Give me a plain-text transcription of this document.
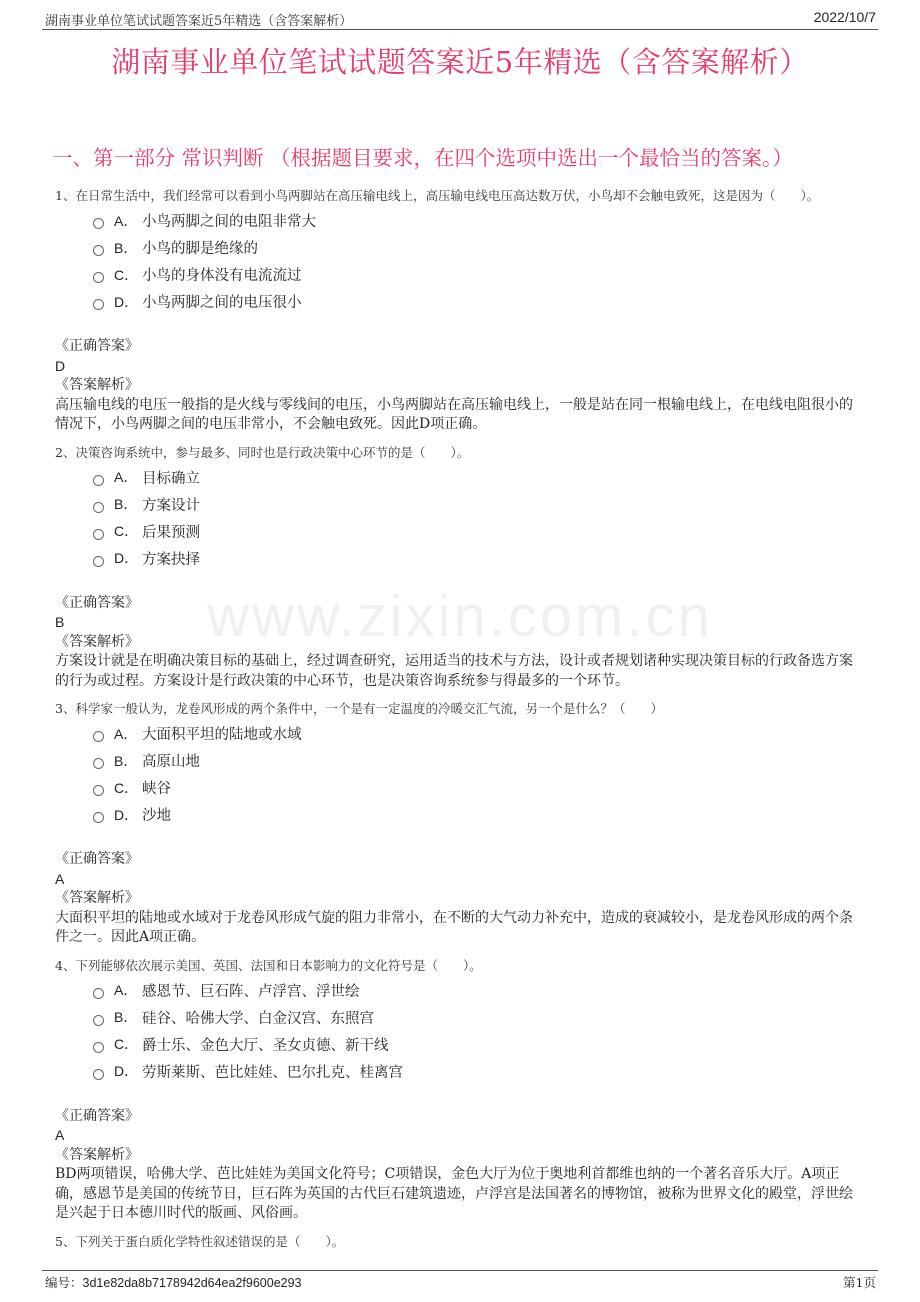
湖南事业单位笔试试题答案近5年精选（含答案解析）	2022/10/7
湖南事业单位笔试试题答案近5年精选（含答案解析）
www.zixin.com.cn
一、第一部分 常识判断 （根据题目要求，在四个选项中选出一个最恰当的答案。）
1、在日常生活中，我们经常可以看到小鸟两脚站在高压输电线上，高压输电线电压高达数万伏，小鸟却不会触电致死，这是因为（　　）。
A． 小鸟两脚之间的电阻非常大
B． 小鸟的脚是绝缘的
C． 小鸟的身体没有电流流过
D． 小鸟两脚之间的电压很小
《正确答案》
D
《答案解析》
高压输电线的电压一般指的是火线与零线间的电压，小鸟两脚站在高压输电线上，一般是站在同一根输电线上，在电线电阻很小的情况下，小鸟两脚之间的电压非常小，不会触电致死。因此D项正确。
2、决策咨询系统中，参与最多、同时也是行政决策中心环节的是（　　）。
A． 目标确立
B． 方案设计
C． 后果预测
D． 方案抉择
《正确答案》
B
《答案解析》
方案设计就是在明确决策目标的基础上，经过调查研究，运用适当的技术与方法，设计或者规划诸种实现决策目标的行政备选方案的行为或过程。方案设计是行政决策的中心环节，也是决策咨询系统参与得最多的一个环节。
3、科学家一般认为，龙卷风形成的两个条件中，一个是有一定温度的冷暖交汇气流，另一个是什么？（　　）
A． 大面积平坦的陆地或水域
B． 高原山地
C． 峡谷
D． 沙地
《正确答案》
A
《答案解析》
大面积平坦的陆地或水域对于龙卷风形成气旋的阻力非常小，在不断的大气动力补充中，造成的衰减较小，是龙卷风形成的两个条件之一。因此A项正确。
4、下列能够依次展示美国、英国、法国和日本影响力的文化符号是（　　）。
A． 感恩节、巨石阵、卢浮宫、浮世绘
B． 硅谷、哈佛大学、白金汉宫、东照宫
C． 爵士乐、金色大厅、圣女贞德、新干线
D． 劳斯莱斯、芭比娃娃、巴尔扎克、桂离宫
《正确答案》
A
《答案解析》
BD两项错误，哈佛大学、芭比娃娃为美国文化符号；C项错误，金色大厅为位于奥地利首都维也纳的一个著名音乐大厅。A项正确，感恩节是美国的传统节日，巨石阵为英国的古代巨石建筑遗迹，卢浮宫是法国著名的博物馆，被称为世界文化的殿堂，浮世绘是兴起于日本德川时代的版画、风俗画。
5、下列关于蛋白质化学特性叙述错误的是（　　）。
编号：3d1e82da8b7178942d64ea2f9600e293	第1页
